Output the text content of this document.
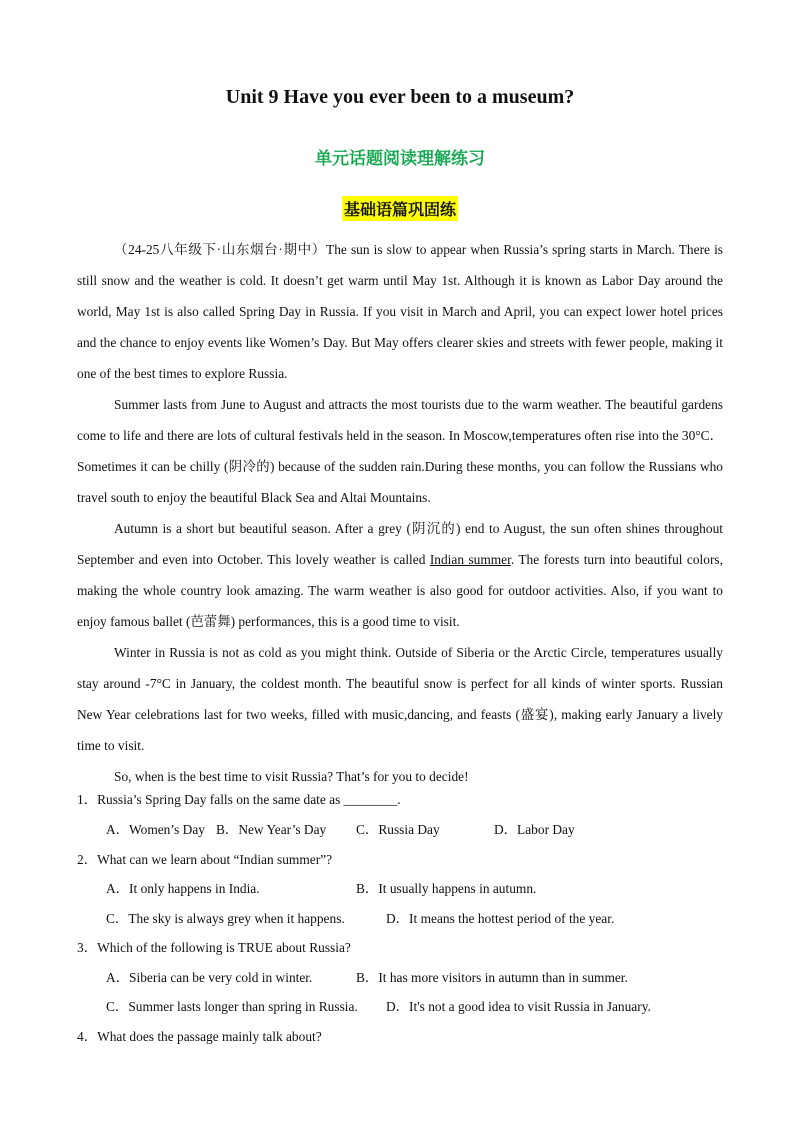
Unit 9 Have you ever been to a museum?
单元话题阅读理解练习
基础语篇巩固练

（24-25八年级下·山东烟台·期中）The sun is slow to appear when Russia’s spring starts in March. There is still snow and the weather is cold. It doesn’t get warm until May 1st. Although it is known as Labor Day around the world, May 1st is also called Spring Day in Russia. If you visit in March and April, you can expect lower hotel prices and the chance to enjoy events like Women’s Day. But May offers clearer skies and streets with fewer people, making it one of the best times to explore Russia.

Summer lasts from June to August and attracts the most tourists due to the warm weather. The beautiful gardens come to life and there are lots of cultural festivals held in the season. In Moscow,temperatures often rise into the 30°C． Sometimes it can be chilly (阴冷的) because of the sudden rain.During these months, you can follow the Russians who travel south to enjoy the beautiful Black Sea and Altai Mountains.

Autumn is a short but beautiful season. After a grey (阴沉的) end to August, the sun often shines throughout September and even into October. This lovely weather is called Indian summer. The forests turn into beautiful colors, making the whole country look amazing. The warm weather is also good for outdoor activities. Also, if you want to enjoy famous ballet (芭蕾舞) performances, this is a good time to visit.

Winter in Russia is not as cold as you might think. Outside of Siberia or the Arctic Circle, temperatures usually stay around -7°C in January, the coldest month. The beautiful snow is perfect for all kinds of winter sports. Russian New Year celebrations last for two weeks, filled with music,dancing, and feasts (盛宴), making early January a lively time to visit.

So, when is the best time to visit Russia? That’s for you to decide!

1．Russia’s Spring Day falls on the same date as ________.
A．Women’s Day B．New Year’s Day C．Russia Day	D．Labor Day
2．What can we learn about “Indian summer”?
A．It only happens in India.	B．It usually happens in autumn.
C．The sky is always grey when it happens.	D．It means the hottest period of the year.
3．Which of the following is TRUE about Russia?
A．Siberia can be very cold in winter.	B．It has more visitors in autumn than in summer.
C．Summer lasts longer than spring in Russia. D．It's not a good idea to visit Russia in January.
4．What does the passage mainly talk about?
